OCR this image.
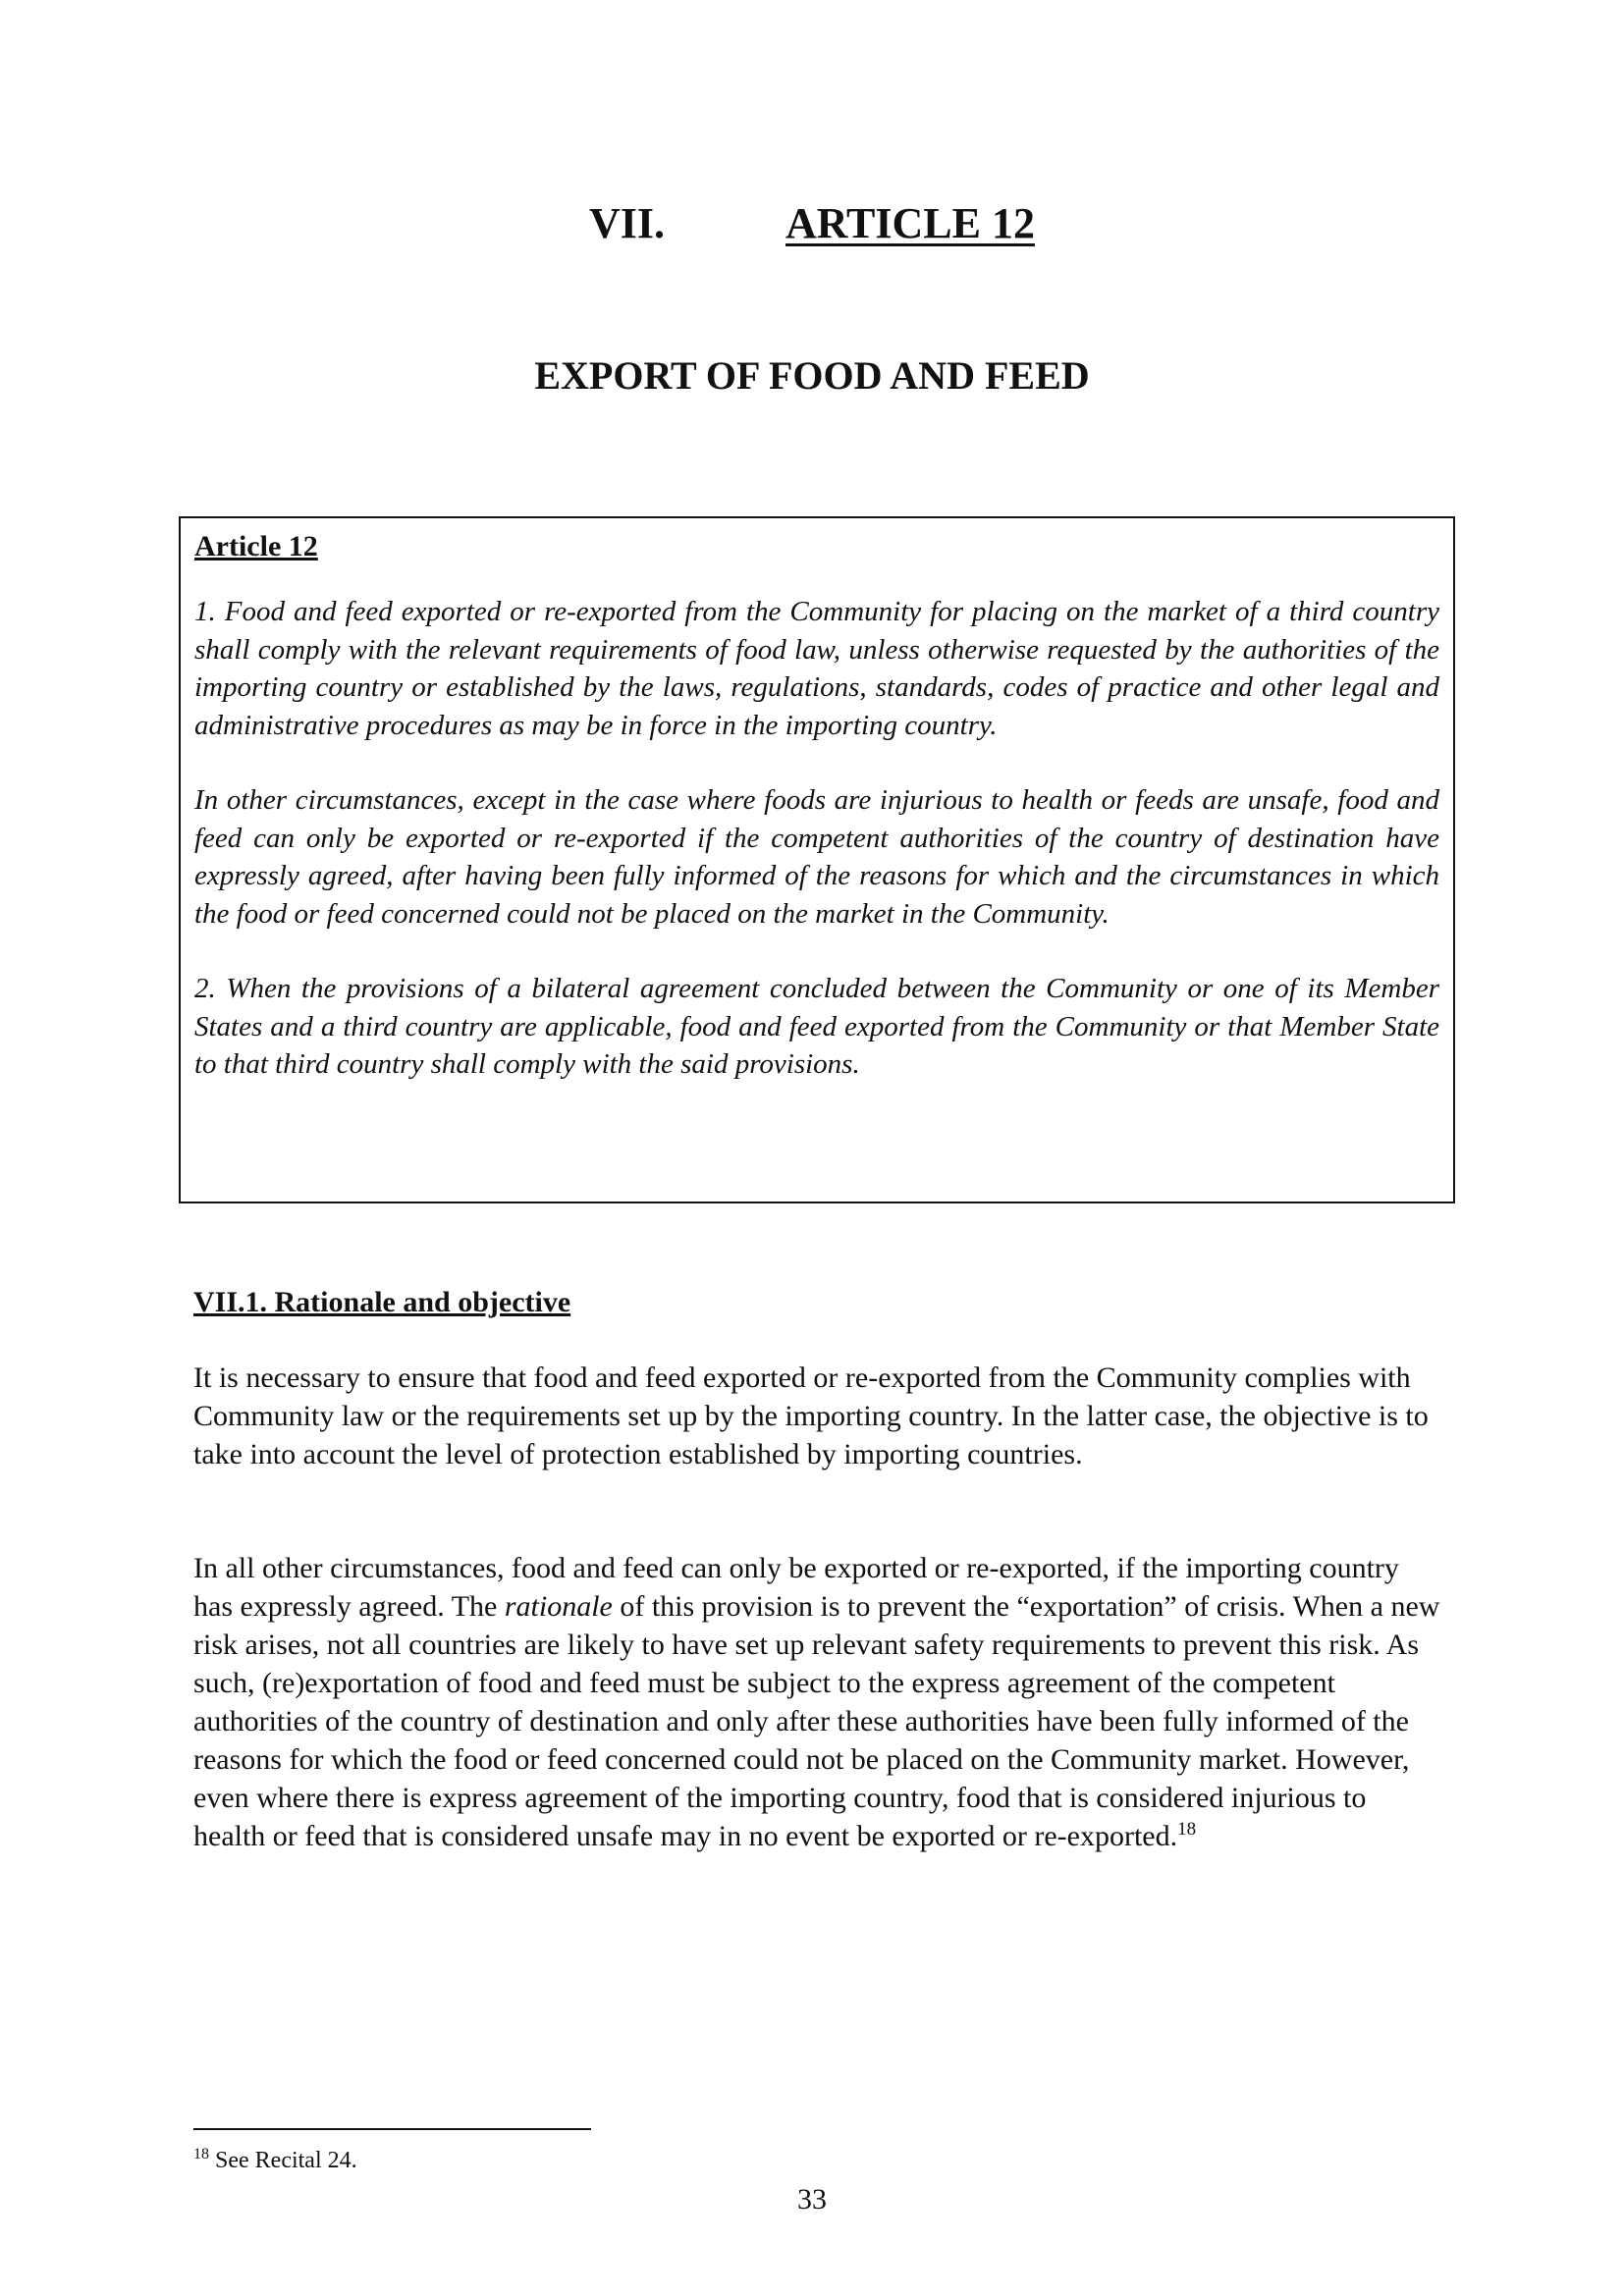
VII.	ARTICLE 12
EXPORT OF FOOD AND FEED
Article 12

1. Food and feed exported or re-exported from the Community for placing on the market of a third country shall comply with the relevant requirements of food law, unless otherwise requested by the authorities of the importing country or established by the laws, regulations, standards, codes of practice and other legal and administrative procedures as may be in force in the importing country.

In other circumstances, except in the case where foods are injurious to health or feeds are unsafe, food and feed can only be exported or re-exported if the competent authorities of the country of destination have expressly agreed, after having been fully informed of the reasons for which and the circumstances in which the food or feed concerned could not be placed on the market in the Community.

2. When the provisions of a bilateral agreement concluded between the Community or one of its Member States and a third country are applicable, food and feed exported from the Community or that Member State to that third country shall comply with the said provisions.

VII.1. Rationale and objective

It is necessary to ensure that food and feed exported or re-exported from the Community complies with Community law or the requirements set up by the importing country. In the latter case, the objective is to take into account the level of protection established by importing countries.

In all other circumstances, food and feed can only be exported or re-exported, if the importing country has expressly agreed. The rationale of this provision is to prevent the “exportation” of crisis. When a new risk arises, not all countries are likely to have set up relevant safety requirements to prevent this risk. As such, (re)exportation of food and feed must be subject to the express agreement of the competent authorities of the country of destination and only after these authorities have been fully informed of the reasons for which the food or feed concerned could not be placed on the Community market. However, even where there is express agreement of the importing country, food that is considered injurious to health or feed that is considered unsafe may in no event be exported or re-exported.$^{18}$

$^{18}$ See Recital 24.
33
